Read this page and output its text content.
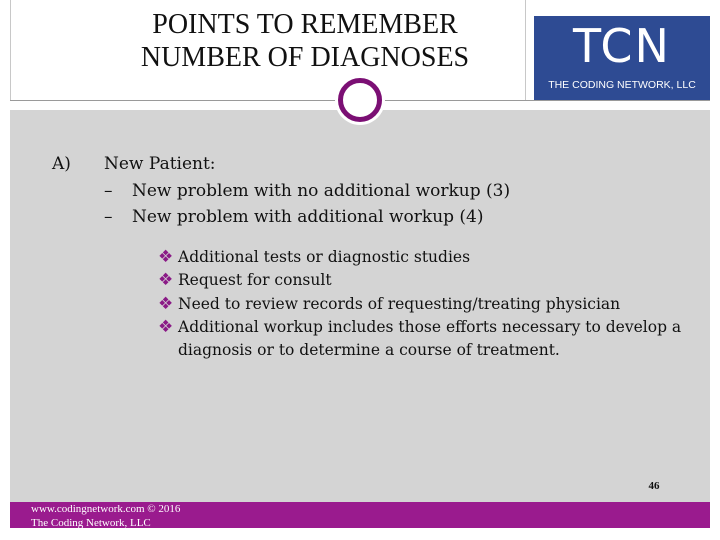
POINTS TO REMEMBER
NUMBER OF DIAGNOSES	TCN
THE CODING NETWORK, LLC
A) New Patient:
– New problem with no additional workup (3)
– New problem with additional workup (4)
❖ Additional tests or diagnostic studies
❖ Request for consult
❖ Need to review records of requesting/treating physician
❖ Additional workup includes those efforts necessary to develop a diagnosis or to determine a course of treatment.
46
www.codingnetwork.com © 2016
The Coding Network, LLC
